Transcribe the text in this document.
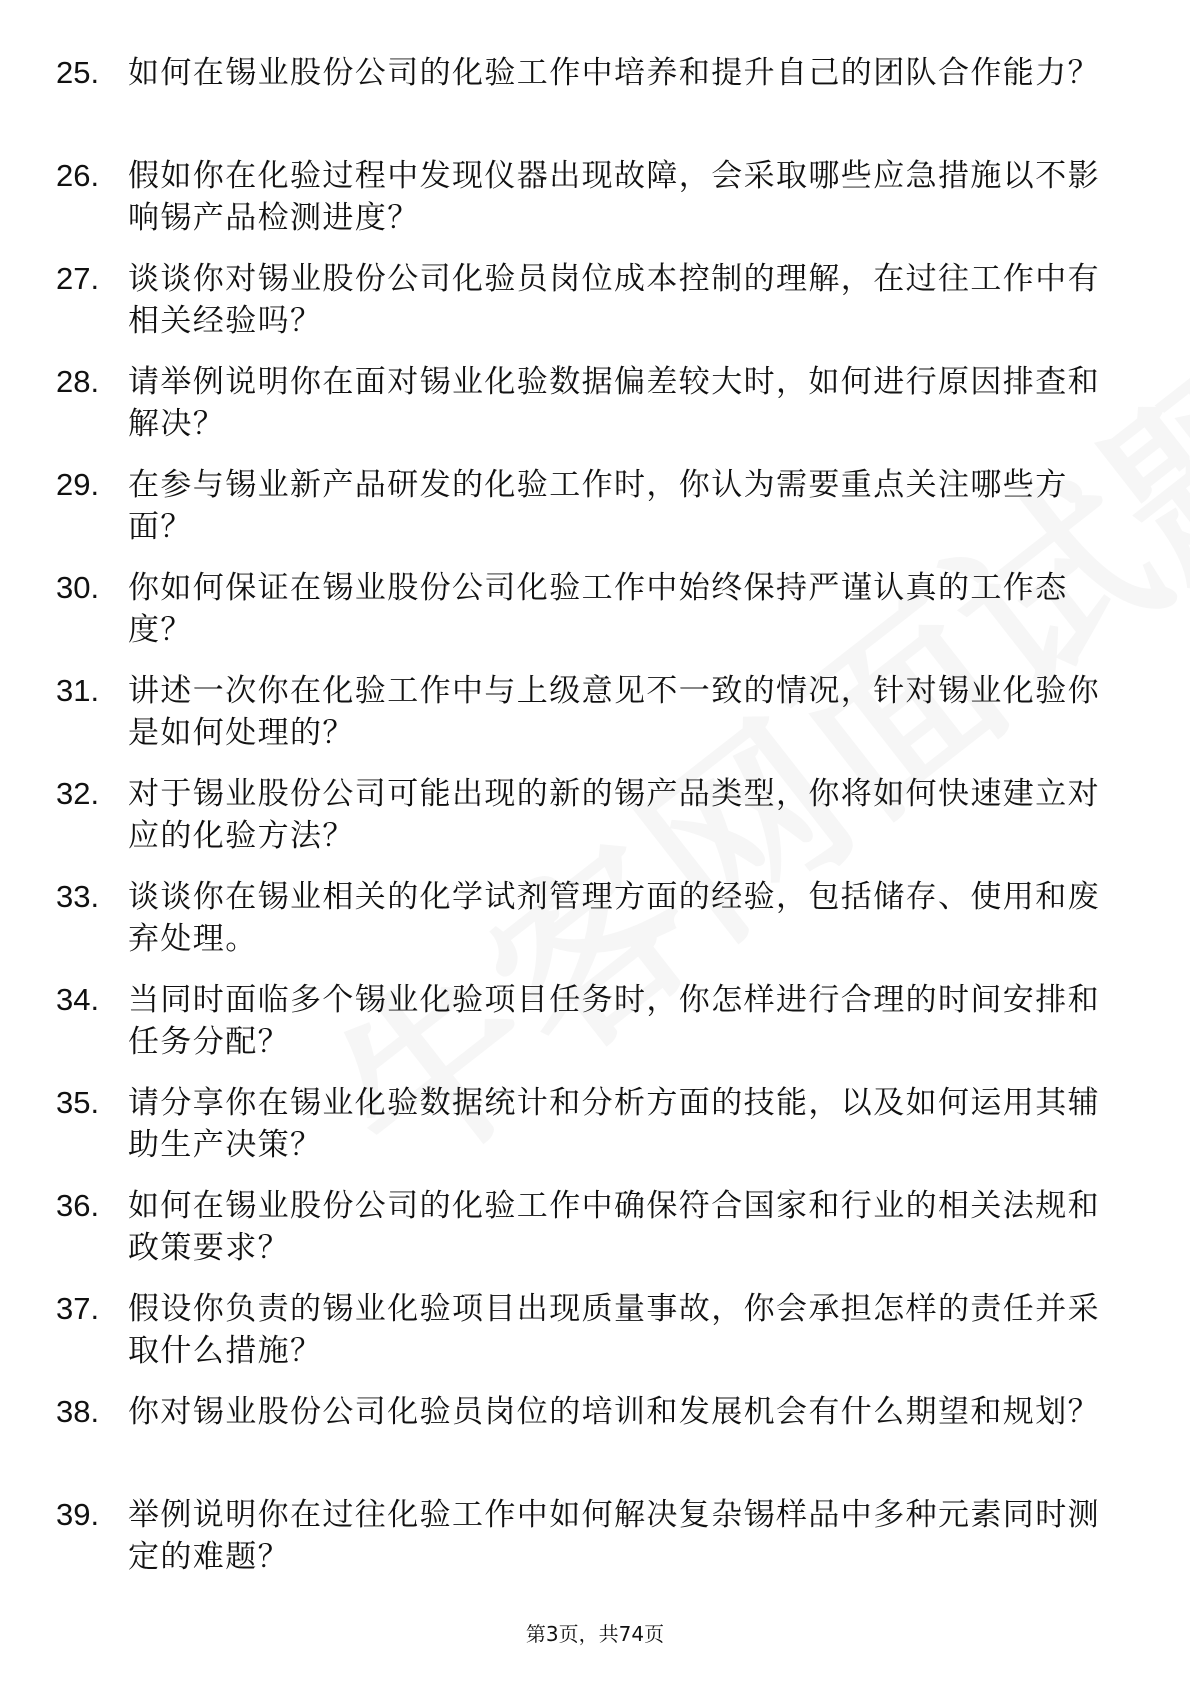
25. 如何在锡业股份公司的化验工作中培养和提升自己的团队合作能力？
26. 假如你在化验过程中发现仪器出现故障，会采取哪些应急措施以不影响锡产品检测进度？
27. 谈谈你对锡业股份公司化验员岗位成本控制的理解，在过往工作中有相关经验吗？
28. 请举例说明你在面对锡业化验数据偏差较大时，如何进行原因排查和解决？
29. 在参与锡业新产品研发的化验工作时，你认为需要重点关注哪些方面？
30. 你如何保证在锡业股份公司化验工作中始终保持严谨认真的工作态度？
31. 讲述一次你在化验工作中与上级意见不一致的情况，针对锡业化验你是如何处理的？
32. 对于锡业股份公司可能出现的新的锡产品类型，你将如何快速建立对应的化验方法？
33. 谈谈你在锡业相关的化学试剂管理方面的经验，包括储存、使用和废弃处理。
34. 当同时面临多个锡业化验项目任务时，你怎样进行合理的时间安排和任务分配？
35. 请分享你在锡业化验数据统计和分析方面的技能，以及如何运用其辅助生产决策？
36. 如何在锡业股份公司的化验工作中确保符合国家和行业的相关法规和政策要求？
37. 假设你负责的锡业化验项目出现质量事故，你会承担怎样的责任并采取什么措施？
38. 你对锡业股份公司化验员岗位的培训和发展机会有什么期望和规划？
39. 举例说明你在过往化验工作中如何解决复杂锡样品中多种元素同时测定的难题？
第3页，共74页
